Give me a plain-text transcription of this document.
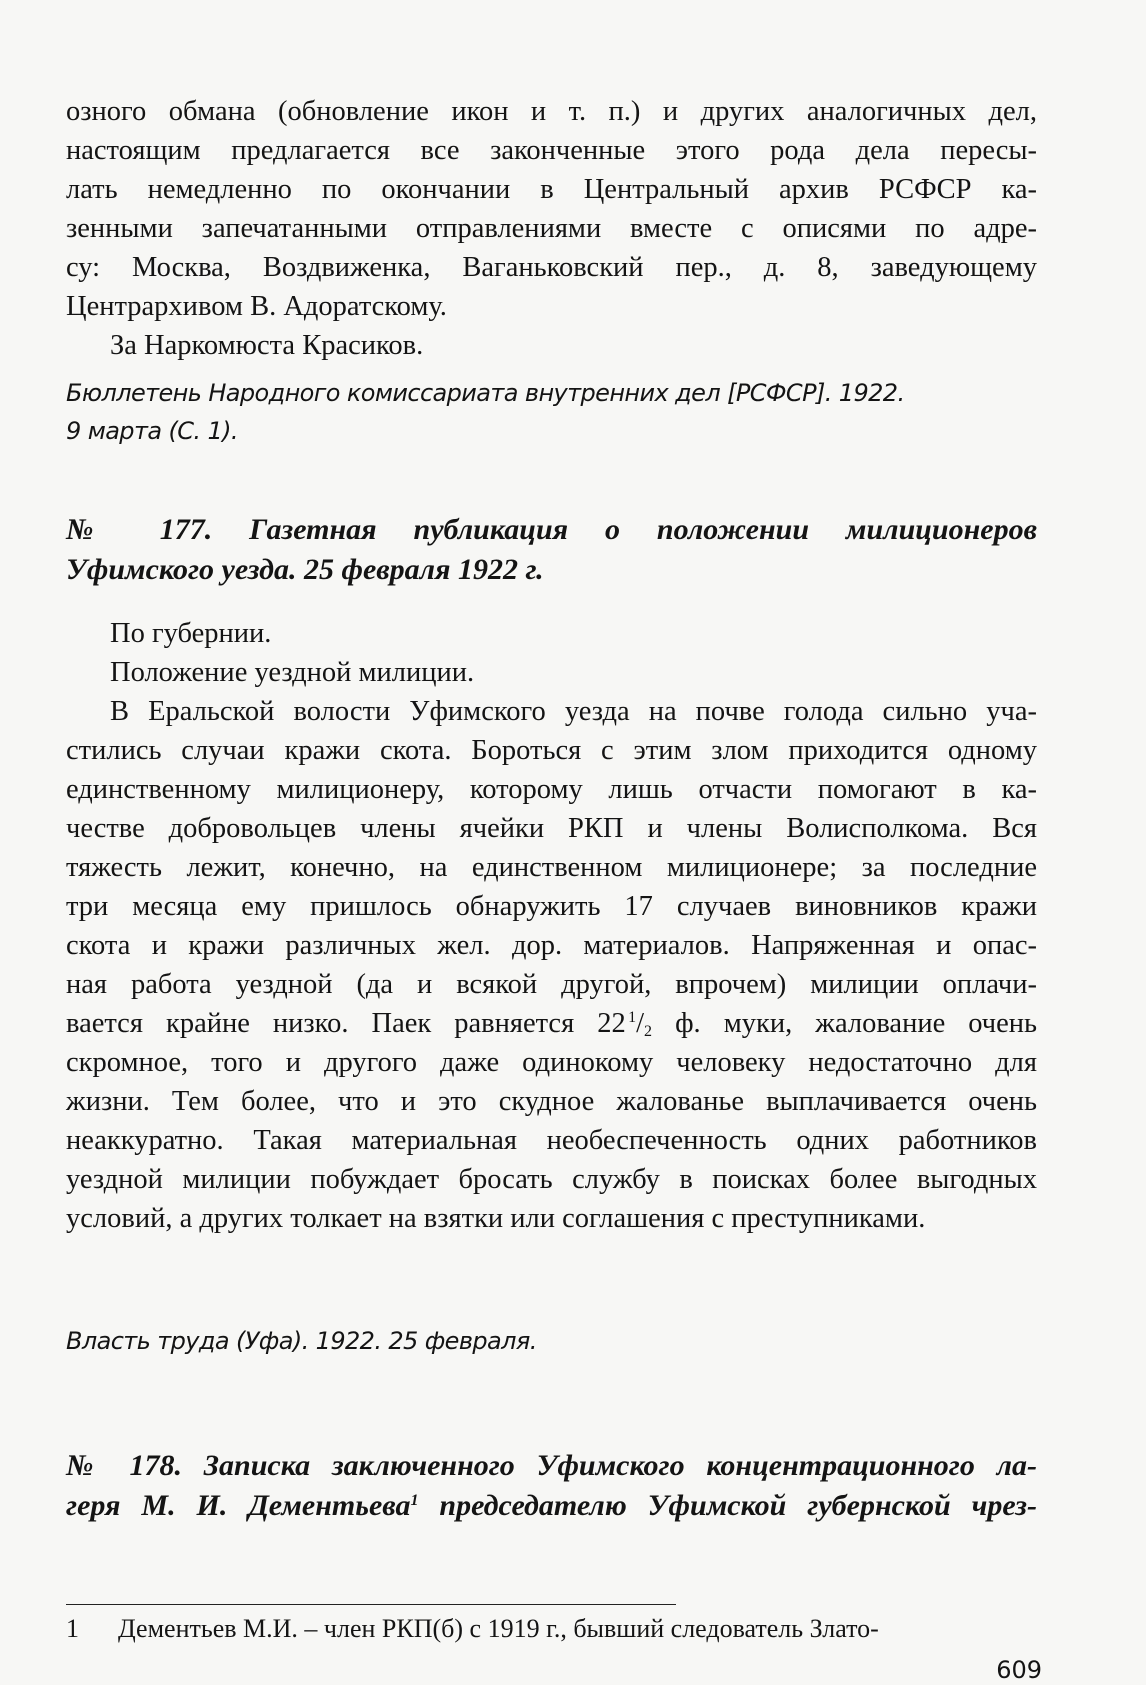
озного обмана (обновление икон и т. п.) и других аналогичных дел,
настоящим предлагается все законченные этого рода дела пересы-
лать немедленно по окончании в Центральный архив РСФСР ка-
зенными запечатанными отправлениями вместе с описями по адре-
су: Москва, Воздвиженка, Ваганьковский пер., д. 8, заведующему
Центрархивом В. Адоратскому.
За Наркомюста Красиков.
Бюллетень Народного комиссариата внутренних дел [РСФСР]. 1922.
9 марта (С. 1).
№ 177. Газетная публикация о положении милиционеров
Уфимского уезда. 25 февраля 1922 г.
По губернии.
Положение уездной милиции.
В Еральской волости Уфимского уезда на почве голода сильно уча-
стились случаи кражи скота. Бороться с этим злом приходится одному
единственному милиционеру, которому лишь отчасти помогают в ка-
честве добровольцев члены ячейки РКП и члены Волисполкома. Вся
тяжесть лежит, конечно, на единственном милиционере; за последние
три месяца ему пришлось обнаружить 17 случаев виновников кражи
скота и кражи различных жел. дор. материалов. Напряженная и опас-
ная работа уездной (да и всякой другой, впрочем) милиции оплачи-
вается крайне низко. Паек равняется 22  $^1/_2$ ф. муки, жалование очень
скромное, того и другого даже одинокому человеку недостаточно для
жизни. Тем более, что и это скудное жалованье выплачивается очень
неаккуратно. Такая материальная необеспеченность одних работников
уездной милиции побуждает бросать службу в поисках более выгодных
условий, а других толкает на взятки или соглашения с преступниками.
Власть труда (Уфа). 1922. 25 февраля.
№ 178. Записка заключенного Уфимского концентрационного ла-
геря М. И. Дементьева$^1$ председателю Уфимской губернской чрез-
1 Дементьев М.И. – член РКП(б) с 1919 г., бывший следователь Злато-
609
